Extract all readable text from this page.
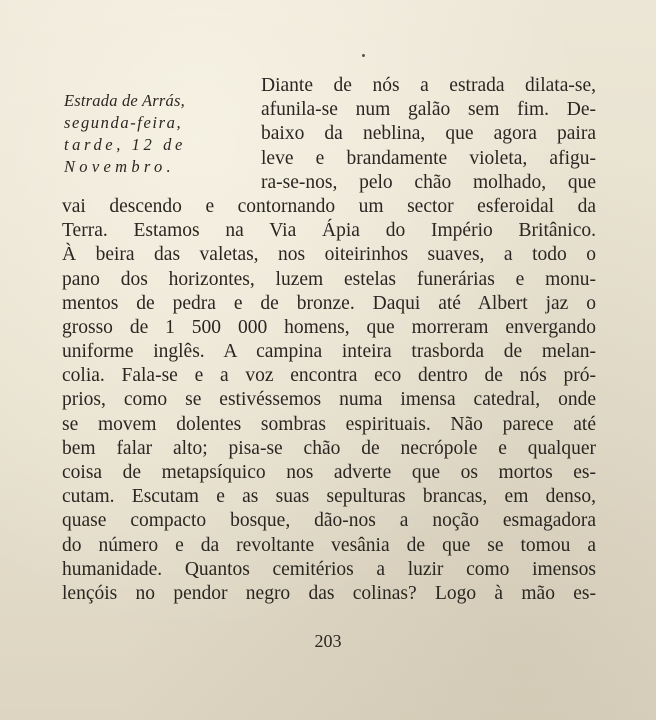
Estrada de Arrás,
segunda-feira,
tarde, 12 de
Novembro.
Diante de nós a estrada dilata-se,
afunila-se num galão sem fim. De-
baixo da neblina, que agora paira
leve e brandamente violeta, afigu-
ra-se-nos, pelo chão molhado, que
vai descendo e contornando um sector esferoidal da
Terra. Estamos na Via Ápia do Império Britânico.
À beira das valetas, nos oiteirinhos suaves, a todo o
pano dos horizontes, luzem estelas funerárias e monu-
mentos de pedra e de bronze. Daqui até Albert jaz o
grosso de 1 500 000 homens, que morreram envergando
uniforme inglês. A campina inteira trasborda de melan-
colia. Fala-se e a voz encontra eco dentro de nós pró-
prios, como se estivéssemos numa imensa catedral, onde
se movem dolentes sombras espirituais. Não parece até
bem falar alto; pisa-se chão de necrópole e qualquer
coisa de metapsíquico nos adverte que os mortos es-
cutam. Escutam e as suas sepulturas brancas, em denso,
quase compacto bosque, dão-nos a noção esmagadora
do número e da revoltante vesânia de que se tomou a
humanidade. Quantos cemitérios a luzir como imensos
lençóis no pendor negro das colinas? Logo à mão es-
203
